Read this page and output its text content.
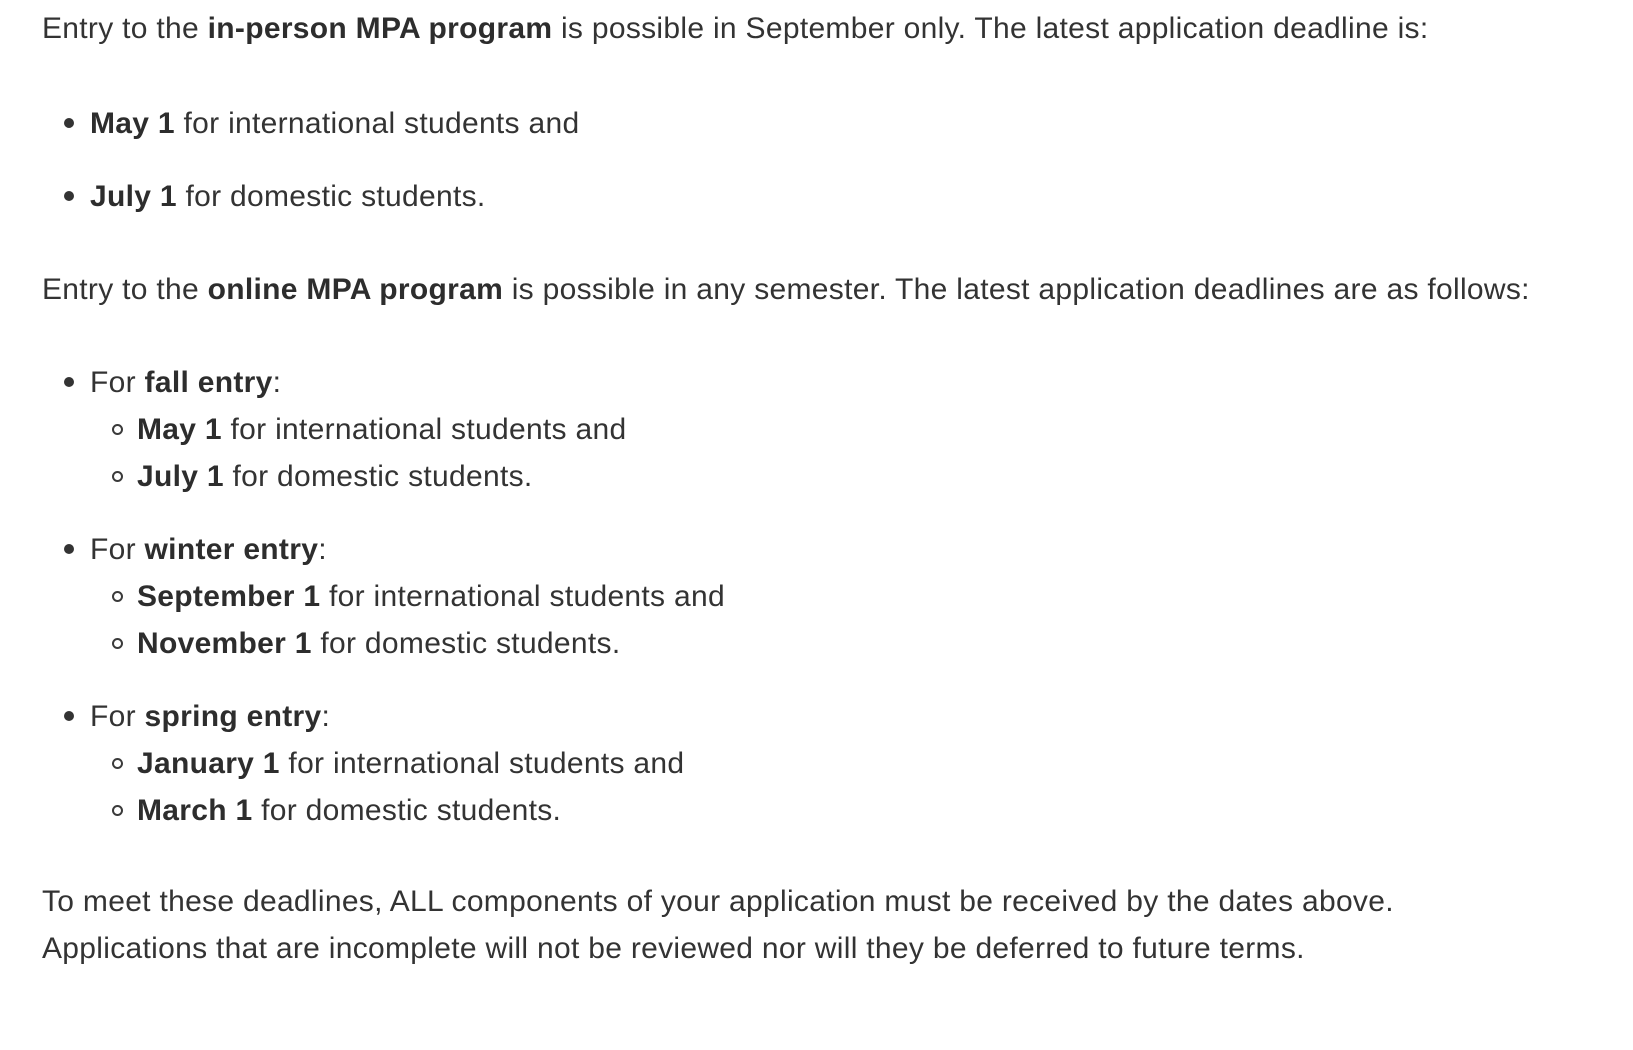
Entry to the in-person MPA program is possible in September only. The latest application deadline is:

May 1 for international students and
July 1 for domestic students.

Entry to the online MPA program is possible in any semester. The latest application deadlines are as follows:

For fall entry:
May 1 for international students and
July 1 for domestic students.
For winter entry:
September 1 for international students and
November 1 for domestic students.
For spring entry:
January 1 for international students and
March 1 for domestic students.

To meet these deadlines, ALL components of your application must be received by the dates above. Applications that are incomplete will not be reviewed nor will they be deferred to future terms.
